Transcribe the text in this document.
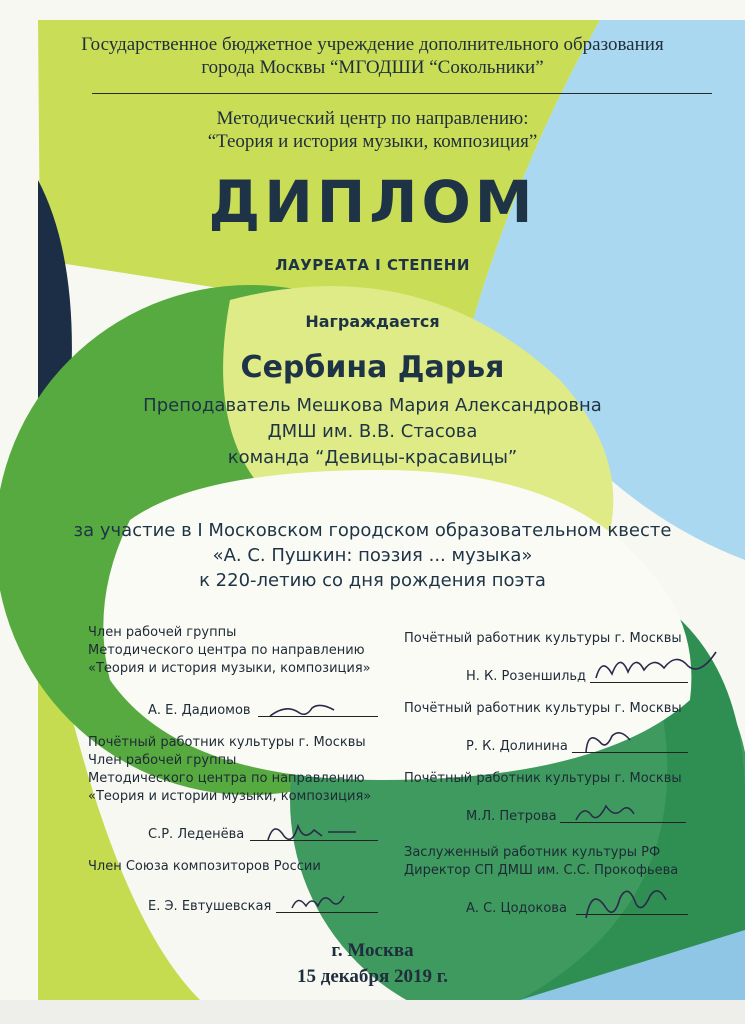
Государственное бюджетное учреждение дополнительного образования
города Москвы “МГОДШИ “Сокольники”
Методический центр по направлению:
“Теория и история музыки, композиция”
ДИПЛОМ
ЛАУРЕАТА I СТЕПЕНИ
Награждается
Сербина Дарья
Преподаватель Мешкова Мария Александровна
ДМШ им. В.В. Стасова
команда “Девицы-красавицы”
за участие в I Московском городском образовательном квесте
«А. С. Пушкин: поэзия ... музыка»
к 220-летию со дня рождения поэта
Член рабочей группы
Методического центра по направлению
«Теория и история музыки, композиция»
А. Е. Дадиомов
Почётный работник культуры г. Москвы
Член рабочей группы
Методического центра по направлению
«Теория и истории музыки, композиция»
С.Р. Леденёва
Член Союза композиторов России
Е. Э. Евтушевская
Почётный работник культуры г. Москвы
Н. К. Розеншильд
Почётный работник культуры г. Москвы
Р. К. Долинина
Почётный работник культуры г. Москвы
М.Л. Петрова
Заслуженный работник культуры РФ
Директор СП ДМШ им. С.С. Прокофьева
А. С. Цодокова
г. Москва
15 декабря 2019 г.
